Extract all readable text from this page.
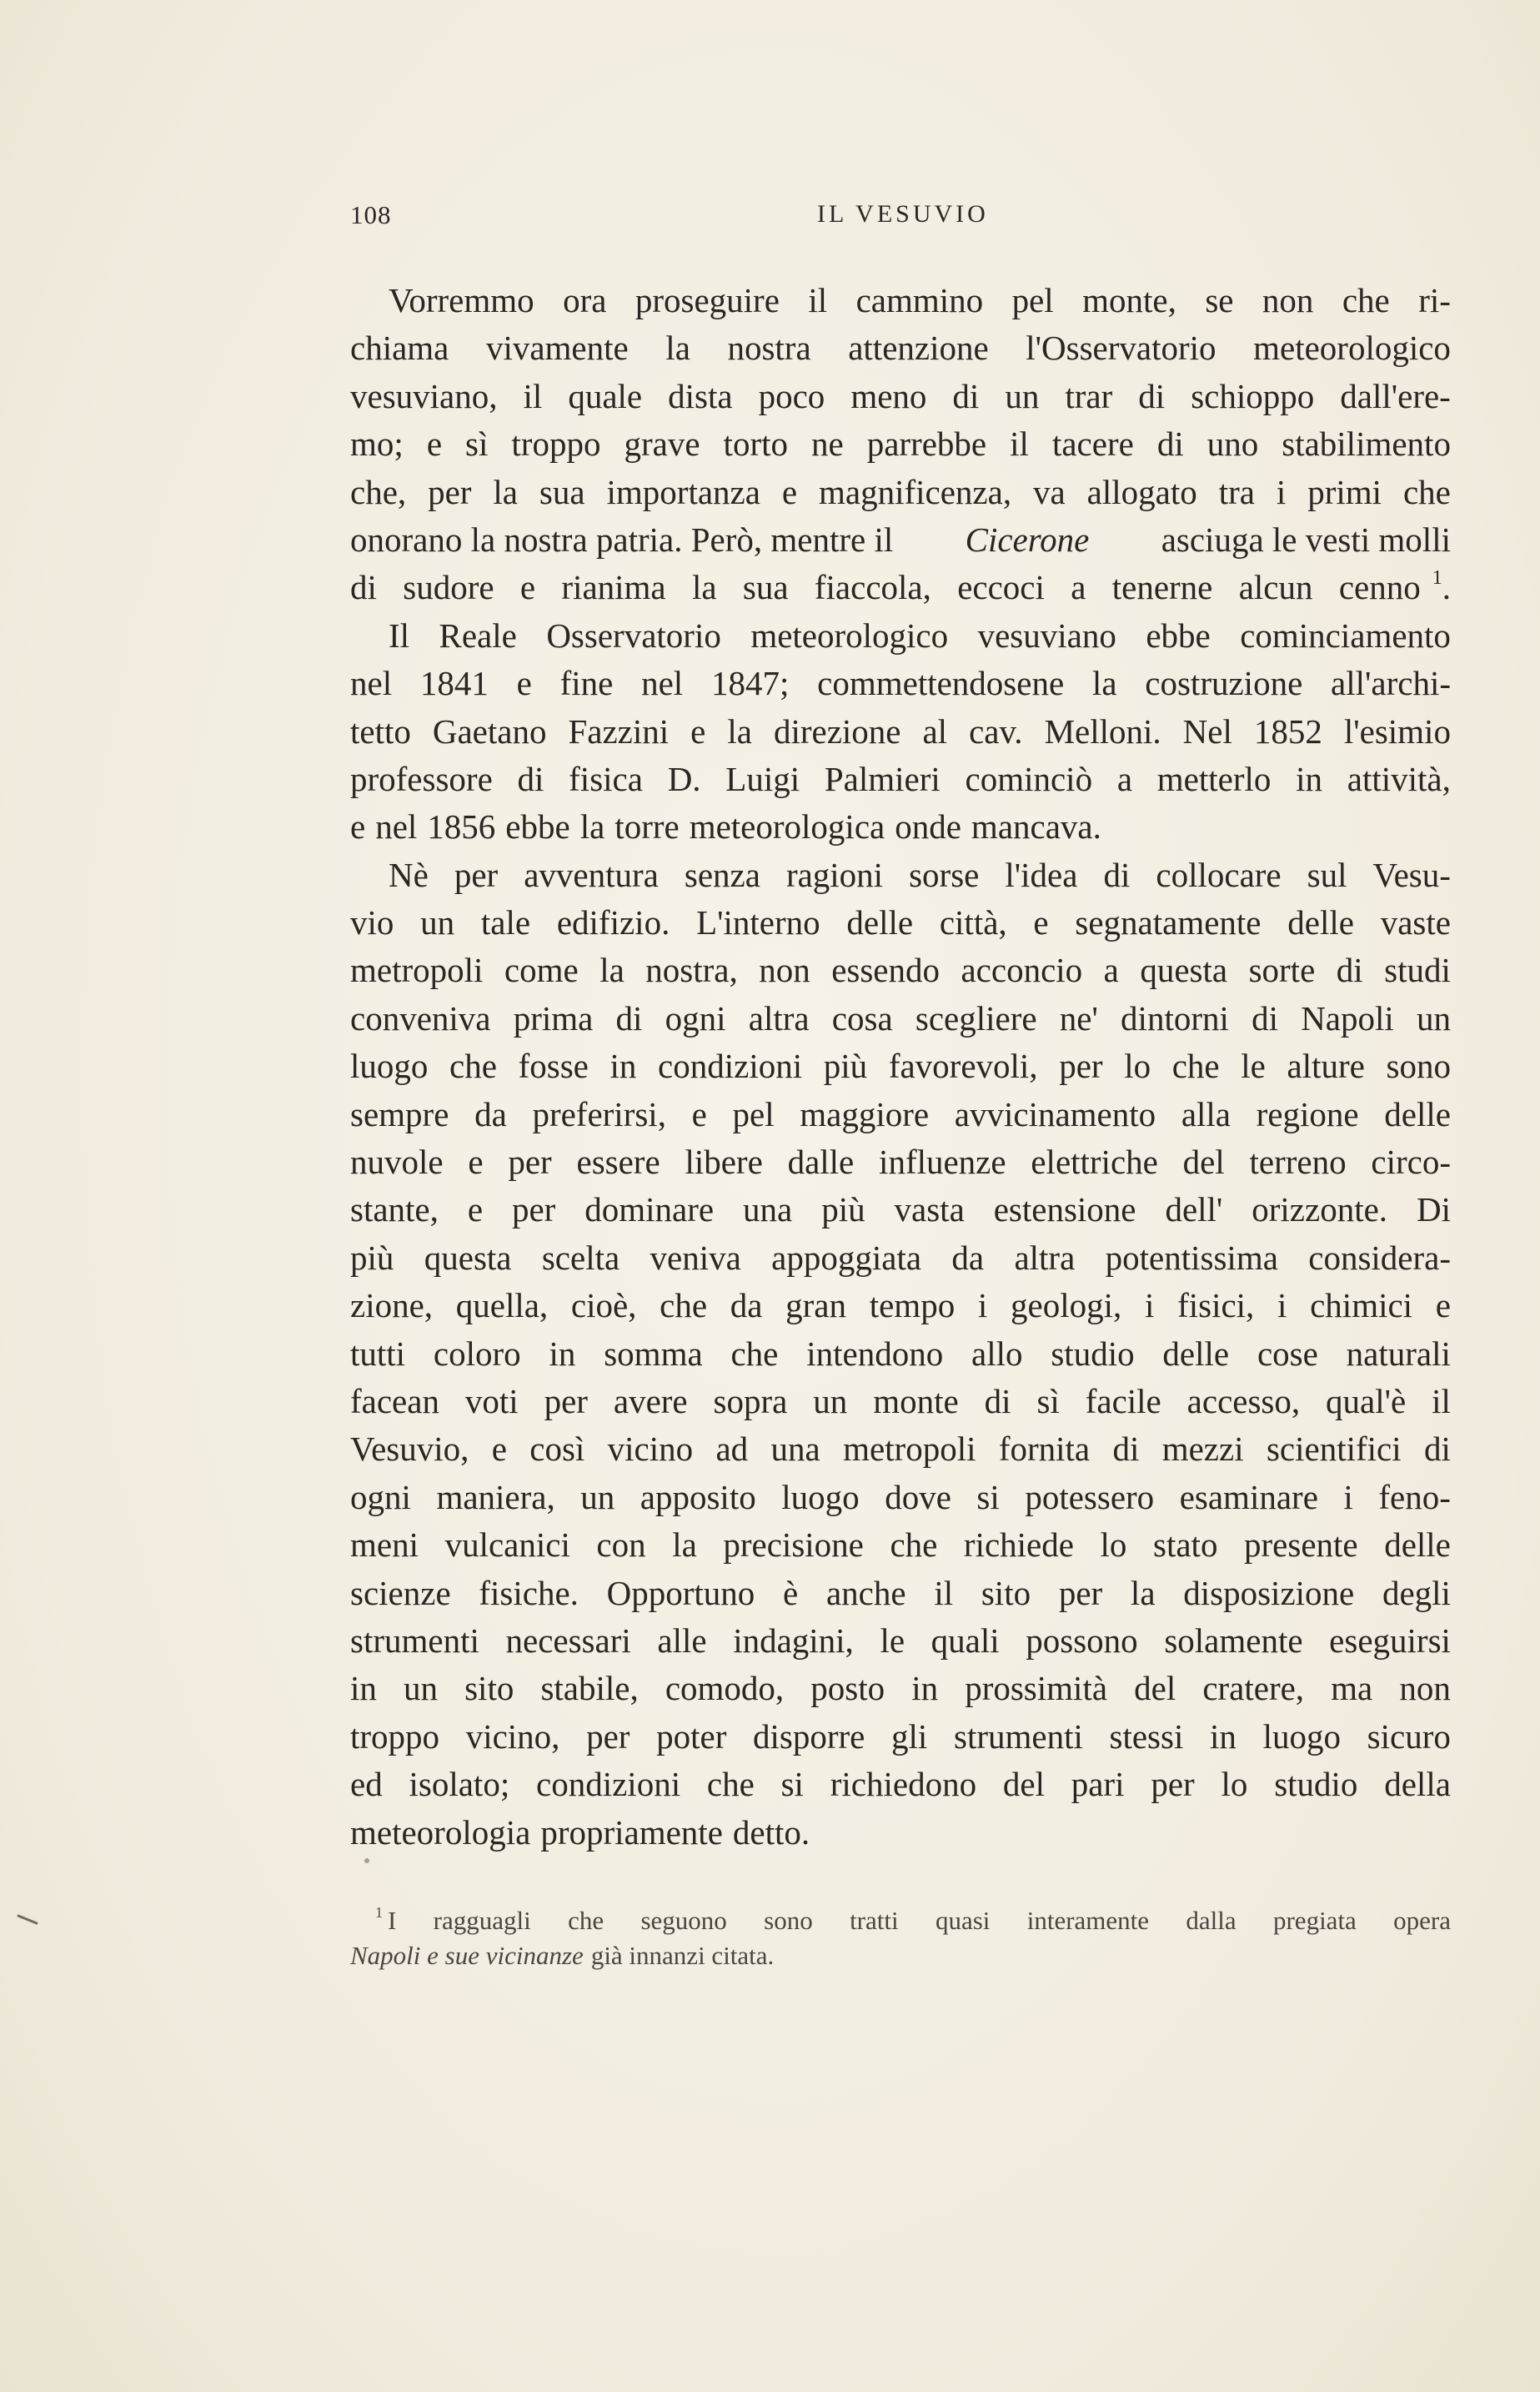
108	IL VESUVIO
Vorremmo ora proseguire il cammino pel monte, se non che ri-
chiama vivamente la nostra attenzione l'Osservatorio meteorologico
vesuviano, il quale dista poco meno di un trar di schioppo dall'ere-
mo; e sì troppo grave torto ne parrebbe il tacere di uno stabilimento
che, per la sua importanza e magnificenza, va allogato tra i primi che
onorano la nostra patria. Però, mentre il Cicerone asciuga le vesti molli
di sudore e rianima la sua fiaccola, eccoci a tenerne alcun cenno $^1$.
Il Reale Osservatorio meteorologico vesuviano ebbe cominciamento
nel 1841 e fine nel 1847; commettendosene la costruzione all'archi-
tetto Gaetano Fazzini e la direzione al cav. Melloni. Nel 1852 l'esimio
professore di fisica D. Luigi Palmieri cominciò a metterlo in attività,
e nel 1856 ebbe la torre meteorologica onde mancava.
Nè per avventura senza ragioni sorse l'idea di collocare sul Vesu-
vio un tale edifizio. L'interno delle città, e segnatamente delle vaste
metropoli come la nostra, non essendo acconcio a questa sorte di studi
conveniva prima di ogni altra cosa scegliere ne' dintorni di Napoli un
luogo che fosse in condizioni più favorevoli, per lo che le alture sono
sempre da preferirsi, e pel maggiore avvicinamento alla regione delle
nuvole e per essere libere dalle influenze elettriche del terreno circo-
stante, e per dominare una più vasta estensione dell' orizzonte. Di
più questa scelta veniva appoggiata da altra potentissima considera-
zione, quella, cioè, che da gran tempo i geologi, i fisici, i chimici e
tutti coloro in somma che intendono allo studio delle cose naturali
facean voti per avere sopra un monte di sì facile accesso, qual'è il
Vesuvio, e così vicino ad una metropoli fornita di mezzi scientifici di
ogni maniera, un apposito luogo dove si potessero esaminare i feno-
meni vulcanici con la precisione che richiede lo stato presente delle
scienze fisiche. Opportuno è anche il sito per la disposizione degli
strumenti necessari alle indagini, le quali possono solamente eseguirsi
in un sito stabile, comodo, posto in prossimità del cratere, ma non
troppo vicino, per poter disporre gli strumenti stessi in luogo sicuro
ed isolato; condizioni che si richiedono del pari per lo studio della
meteorologia propriamente detto.
1 I ragguagli che seguono sono tratti quasi interamente dalla pregiata opera
Napoli e sue vicinanze già innanzi citata.
